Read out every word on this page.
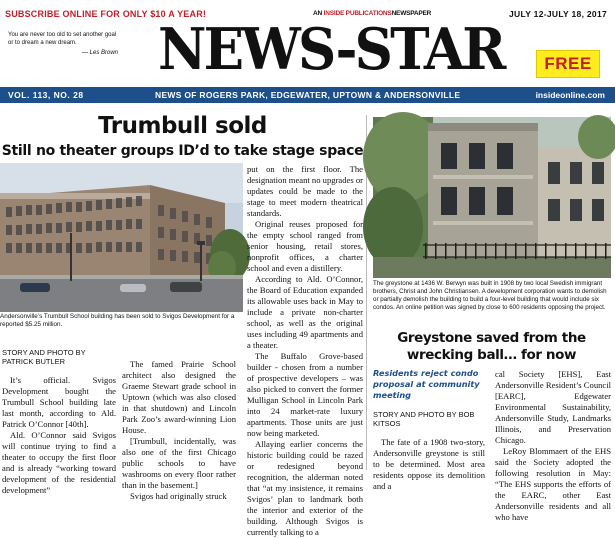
SUBSCRIBE ONLINE FOR ONLY $10 A YEAR!	AN INSIDE PUBLICATIONSNEWSPAPER	JULY 12-JULY 18, 2017
You are never too old to set another goal or to dream a new dream.
— Les Brown NEWS-STAR	FREE
VOL. 113, NO. 28	NEWS OF ROGERS PARK, EDGEWATER, UPTOWN & ANDERSONVILLE	insideonline.com
Trumbull sold
Still no theater groups ID’d to take stage space
Andersonville’s Trumbull School building has been sold to Svigos Development for a reported $5.25 million.
STORY AND PHOTO BY PATRICK BUTLER

It’s official. Svigos Development bought the Trumbull School building late last month, according to Ald. Patrick O’Connor [40th].

Ald. O’Connor said Svigos will continue trying to find a theater to occupy the first floor and is already “working toward development of the residential development”

The famed Prairie School architect also designed the Graeme Stewart grade school in Uptown (which was also closed in that shutdown) and Lincoln Park Zoo’s award-winning Lion House.

[Trumbull, incidentally, was also one of the first Chicago public schools to have washrooms on every floor rather than in the basement.]

Svigos had originally struck

put on the first floor. The designation meant no upgrades or updates could be made to the stage to meet modern theatrical standards.

Original reuses proposed for the empty school ranged from senior housing, retail stores, nonprofit offices, a charter school and even a distillery.

According to Ald. O’Connor, the Board of Education expanded its allowable uses back in May to include a private non-charter school, as well as the original uses including 49 apartments and a theater.

The Buffalo Grove-based builder - chosen from a number of prospective developers – was also picked to convert the former Mulligan School in Lincoln Park into 24 market-rate luxury apartments. Those units are just now being marketed.

Allaying earlier concerns the historic building could be razed or redesigned beyond recognition, the alderman noted that “at my insistence, it remains Svigos’ plan to landmark both the interior and exterior of the building. Although Svigos is currently talking to a

The greystone at 1436 W. Berwyn was built in 1908 by two local Swedish immigrant brothers, Christ and John Christiansen. A development corporation wants to demolish or partially demolish the building to build a four-level building that would include six condos. An online petition was signed by close to 600 residents opposing the project.
Greystone saved from the wrecking ball… for now
Residents reject condo proposal at community meeting
STORY AND PHOTO BY BOB KITSOS

The fate of a 1908 two-story, Andersonville greystone is still to be determined. Most area residents oppose its demolition and a

cal Society [EHS], East Andersonville Resident’s Council [EARC], Edgewater Environmental Sustainability, Andersonville Study, Landmarks Illinois, and Preservation Chicago.

LeRoy Blommaert of the EHS said the Society adopted the following resolution in May: “The EHS supports the efforts of the EARC, other East Andersonville residents and all who have
